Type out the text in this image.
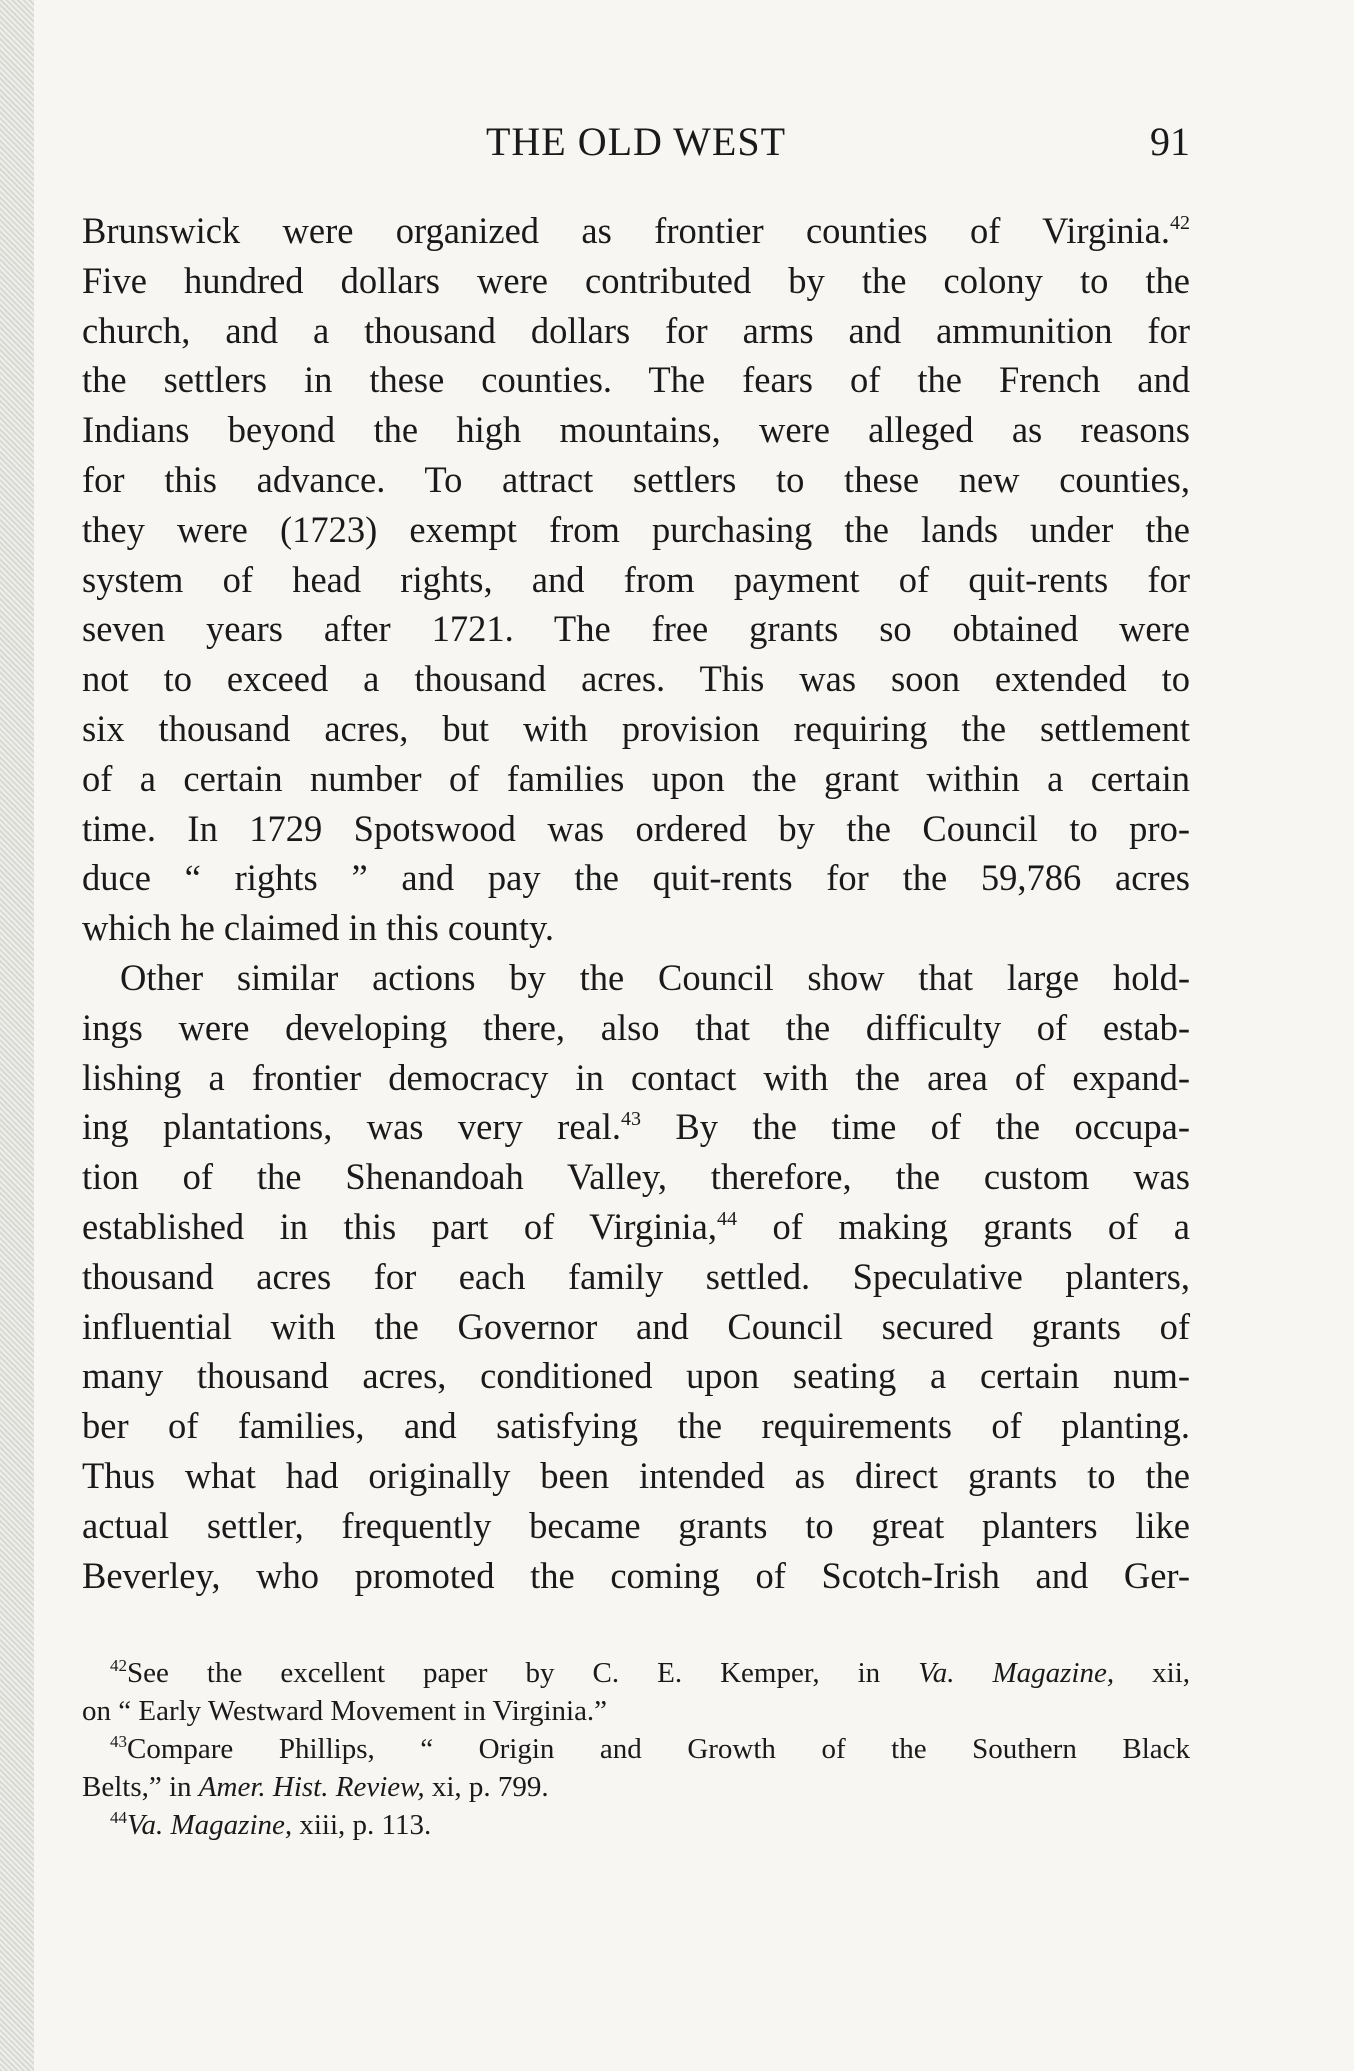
THE OLD WEST	91
Brunswick were organized as frontier counties of Virginia.$^{42}$
Five hundred dollars were contributed by the colony to the
church, and a thousand dollars for arms and ammunition for
the settlers in these counties. The fears of the French and
Indians beyond the high mountains, were alleged as reasons
for this advance. To attract settlers to these new counties,
they were (1723) exempt from purchasing the lands under the
system of head rights, and from payment of quit-rents for
seven years after 1721. The free grants so obtained were
not to exceed a thousand acres. This was soon extended to
six thousand acres, but with provision requiring the settlement
of a certain number of families upon the grant within a certain
time. In 1729 Spotswood was ordered by the Council to pro-
duce “ rights ” and pay the quit-rents for the 59,786 acres
which he claimed in this county.
Other similar actions by the Council show that large hold-
ings were developing there, also that the difficulty of estab-
lishing a frontier democracy in contact with the area of expand-
ing plantations, was very real.$^{43}$ By the time of the occupa-
tion of the Shenandoah Valley, therefore, the custom was
established in this part of Virginia,$^{44}$ of making grants of a
thousand acres for each family settled. Speculative planters,
influential with the Governor and Council secured grants of
many thousand acres, conditioned upon seating a certain num-
ber of families, and satisfying the requirements of planting.
Thus what had originally been intended as direct grants to the
actual settler, frequently became grants to great planters like
Beverley, who promoted the coming of Scotch-Irish and Ger-
$^{42}$See the excellent paper by C. E. Kemper, in Va. Magazine, xii,
on “ Early Westward Movement in Virginia.”
$^{43}$Compare Phillips, “ Origin and Growth of the Southern Black
Belts,” in Amer. Hist. Review, xi, p. 799.
$^{44}$Va. Magazine, xiii, p. 113.
